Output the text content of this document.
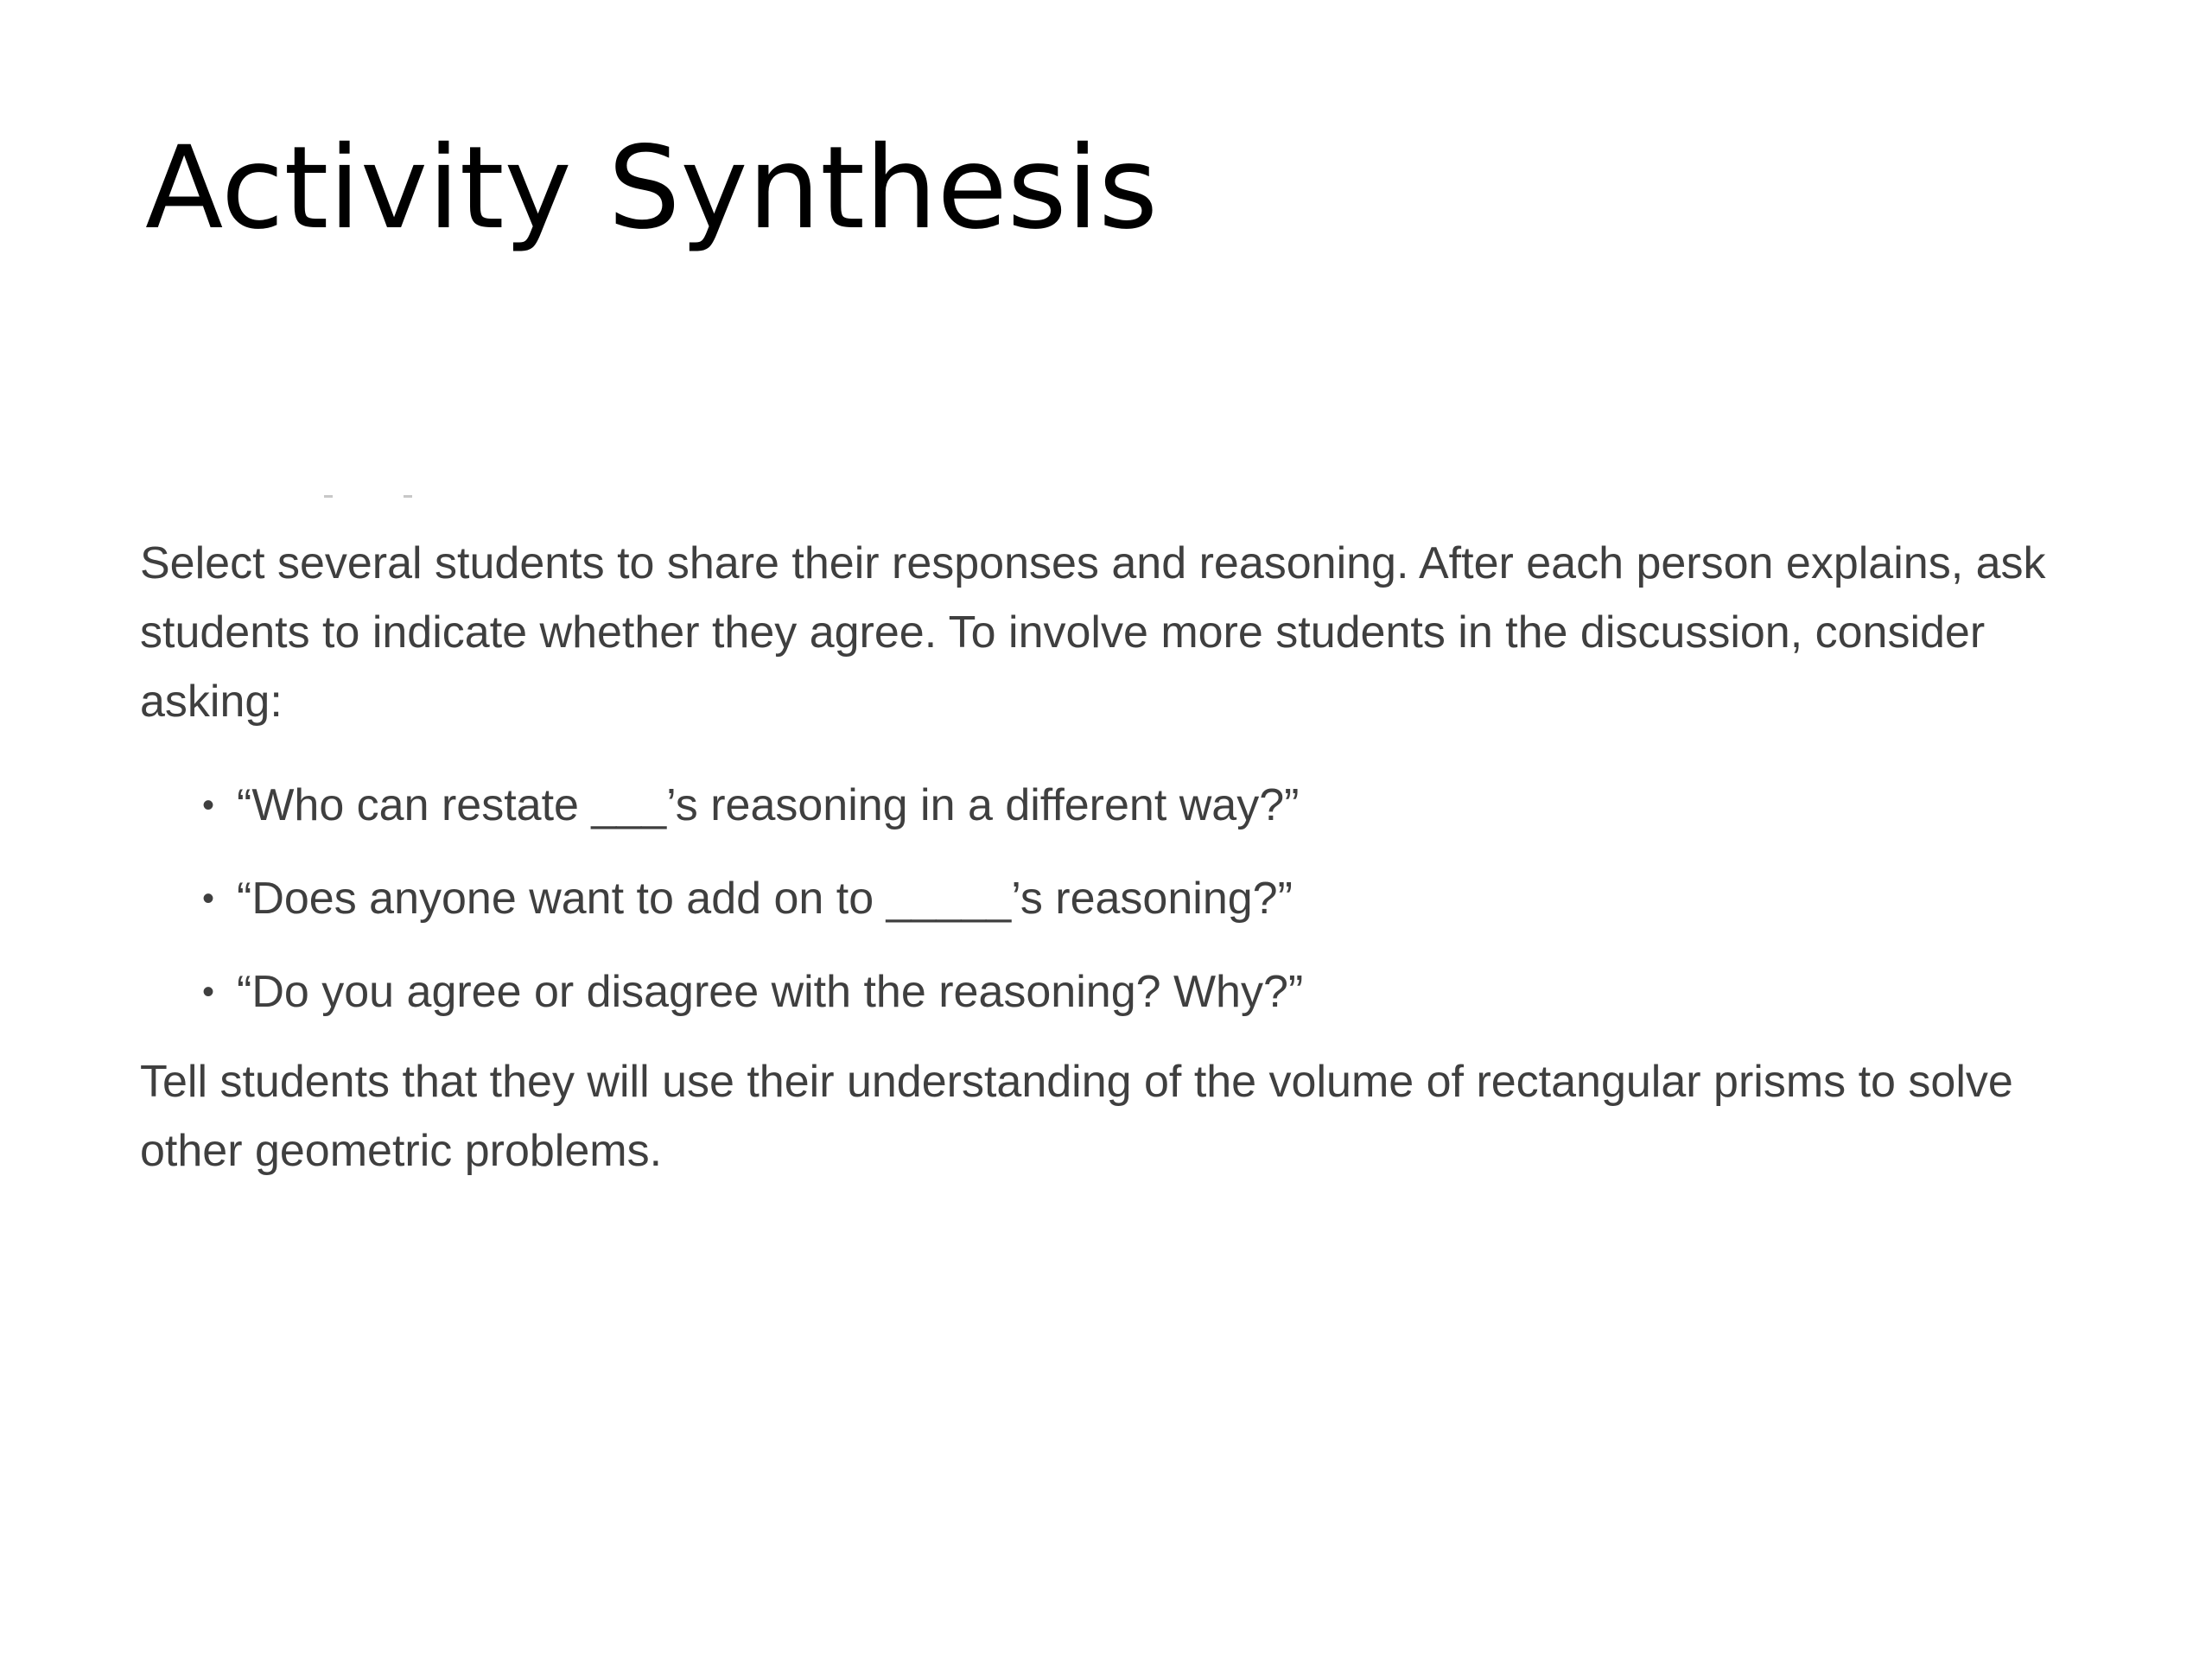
Activity Synthesis

Select several students to share their responses and reasoning. After each person explains, ask students to indicate whether they agree. To involve more students in the discussion, consider asking:

• “Who can restate ___’s reasoning in a different way?”
• “Does anyone want to add on to _____’s reasoning?”
• “Do you agree or disagree with the reasoning? Why?”

Tell students that they will use their understanding of the volume of rectangular prisms to solve other geometric problems.
